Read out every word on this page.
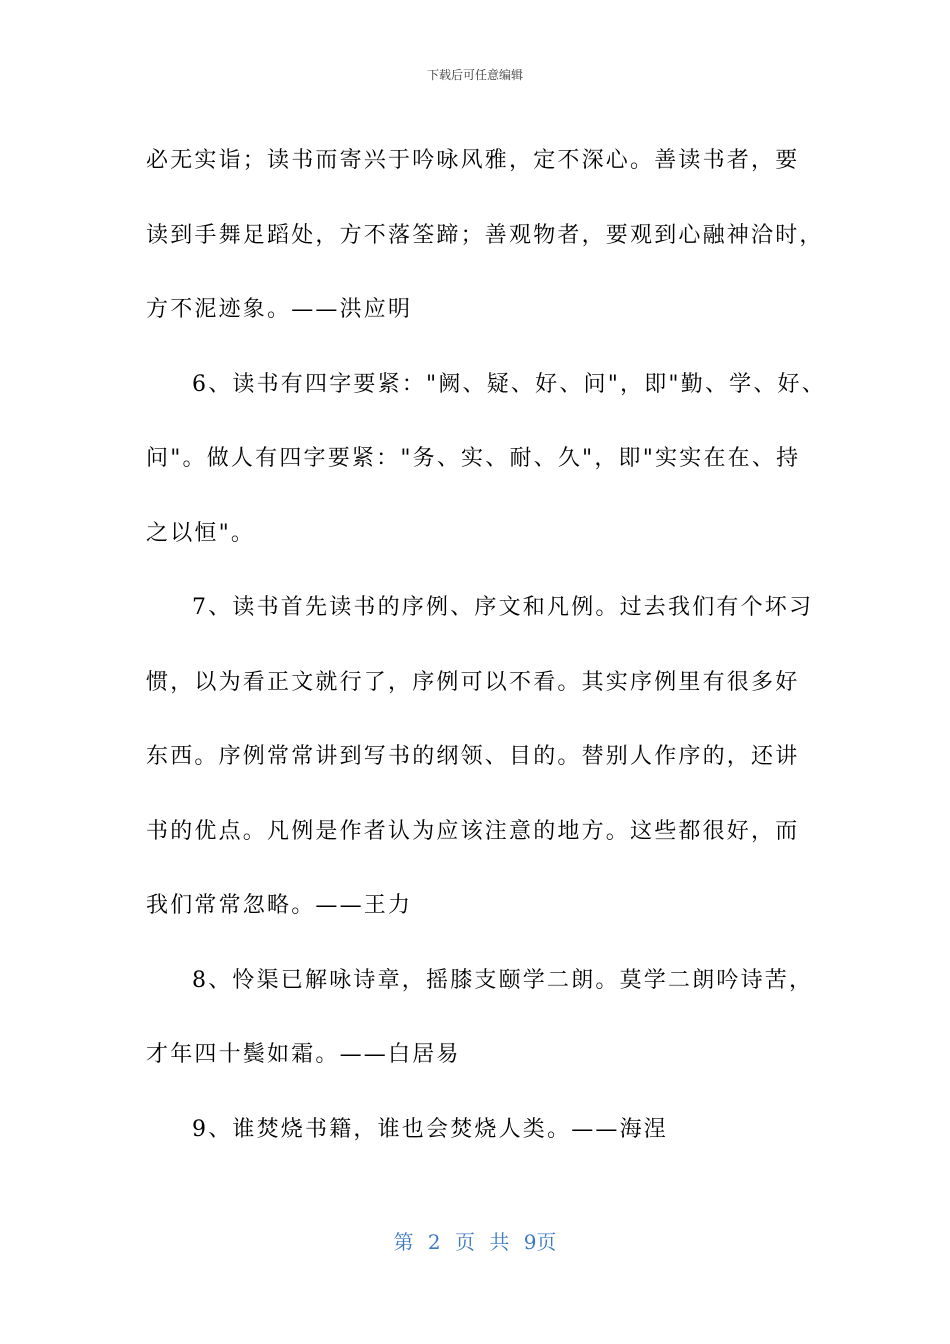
下载后可任意编辑
必无实诣；读书而寄兴于吟咏风雅，定不深心。善读书者，要
读到手舞足蹈处，方不落筌蹄；善观物者，要观到心融神洽时，
方不泥迹象。——洪应明
6、读书有四字要紧："阙、疑、好、问"，即"勤、学、好、
问"。做人有四字要紧："务、实、耐、久"，即"实实在在、持
之以恒"。
7、读书首先读书的序例、序文和凡例。过去我们有个坏习
惯，以为看正文就行了，序例可以不看。其实序例里有很多好
东西。序例常常讲到写书的纲领、目的。替别人作序的，还讲
书的优点。凡例是作者认为应该注意的地方。这些都很好，而
我们常常忽略。——王力
8、怜渠已解咏诗章，摇膝支颐学二朗。莫学二朗吟诗苦，
才年四十鬓如霜。——白居易
9、谁焚烧书籍，谁也会焚烧人类。——海涅
第 2 页 共 9页
